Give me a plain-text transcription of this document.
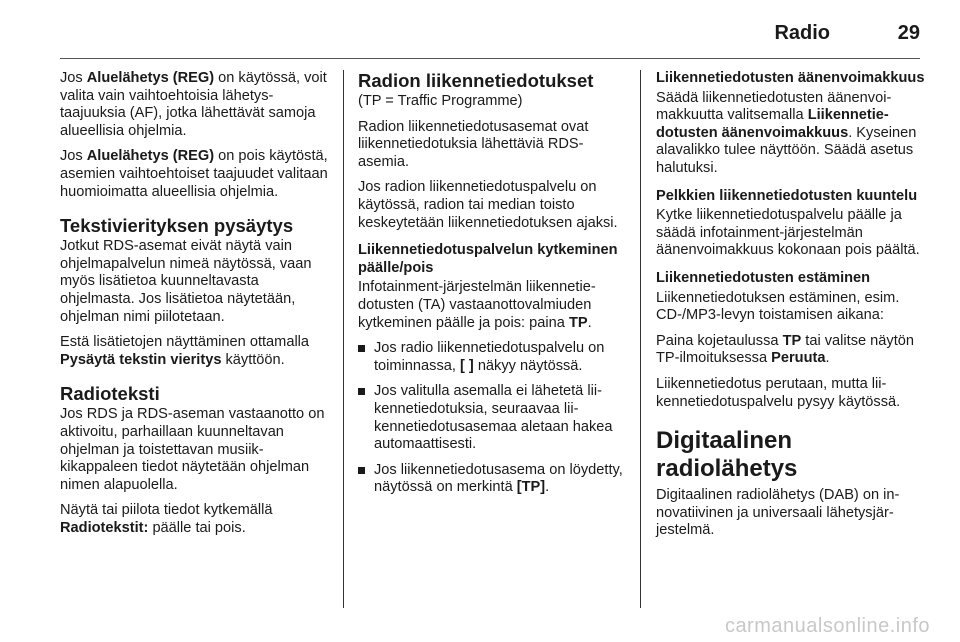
Radio	29

Jos Aluelähetys (REG) on käytössä, voit valita vain vaihtoehtoisia lähetystaajuuksia (AF), jotka lähettävät samoja alueellisia ohjelmia.

Jos Aluelähetys (REG) on pois käytöstä, asemien vaihtoehtoiset taajuudet valitaan huomioimatta alueellisia ohjelmia.

Tekstivierityksen pysäytys

Jotkut RDS-asemat eivät näytä vain ohjelmapalvelun nimeä näytössä, vaan myös lisätietoa kuunneltavasta ohjelmasta. Jos lisätietoa näytetään, ohjelman nimi piilotetaan.

Estä lisätietojen näyttäminen ottamalla Pysäytä tekstin vieritys käyttöön.

Radioteksti

Jos RDS ja RDS-aseman vastaanotto on aktivoitu, parhaillaan kuunneltavan ohjelman ja toistettavan musiikkikappaleen tiedot näytetään ohjelman nimen alapuolella.

Näytä tai piilota tiedot kytkemällä Radiotekstit: päälle tai pois.

Radion liikennetiedotukset

(TP = Traffic Programme)

Radion liikennetiedotusasemat ovat liikennetiedotuksia lähettäviä RDS-asemia.

Jos radion liikennetiedotuspalvelu on käytössä, radion tai median toisto keskeytetään liikennetiedotuksen ajaksi.

Liikennetiedotuspalvelun kytkeminen päälle/pois

Infotainment-järjestelmän liikennetiedotusten (TA) vastaanottovalmiuden kytkeminen päälle ja pois: paina TP.

Jos radio liikennetiedotuspalvelu on toiminnassa, [ ] näkyy näytössä.
Jos valitulla asemalla ei lähetetä liikennetiedotuksia, seuraavaa liikennetiedotusasemaa aletaan hakea automaattisesti.
Jos liikennetiedotusasema on löydetty, näytössä on merkintä [TP].
Liikennetiedotusten äänenvoimakkuus

Säädä liikennetiedotusten äänenvoimakkuutta valitsemalla Liikennetiedotusten äänenvoimakkuus. Kyseinen alavalikko tulee näyttöön. Säädä asetus halutuksi.

Pelkkien liikennetiedotusten kuuntelu

Kytke liikennetiedotuspalvelu päälle ja säädä infotainment-järjestelmän äänenvoimakkuus kokonaan pois päältä.

Liikennetiedotusten estäminen

Liikennetiedotuksen estäminen, esim. CD-/MP3-levyn toistamisen aikana:

Paina kojetaulussa TP tai valitse näytön TP-ilmoituksessa Peruuta.

Liikennetiedotus perutaan, mutta liikennetiedotuspalvelu pysyy käytössä.

Digitaalinen radiolähetys

Digitaalinen radiolähetys (DAB) on innovatiivinen ja universaali lähetysjärjestelmä.

carmanualsonline.info
